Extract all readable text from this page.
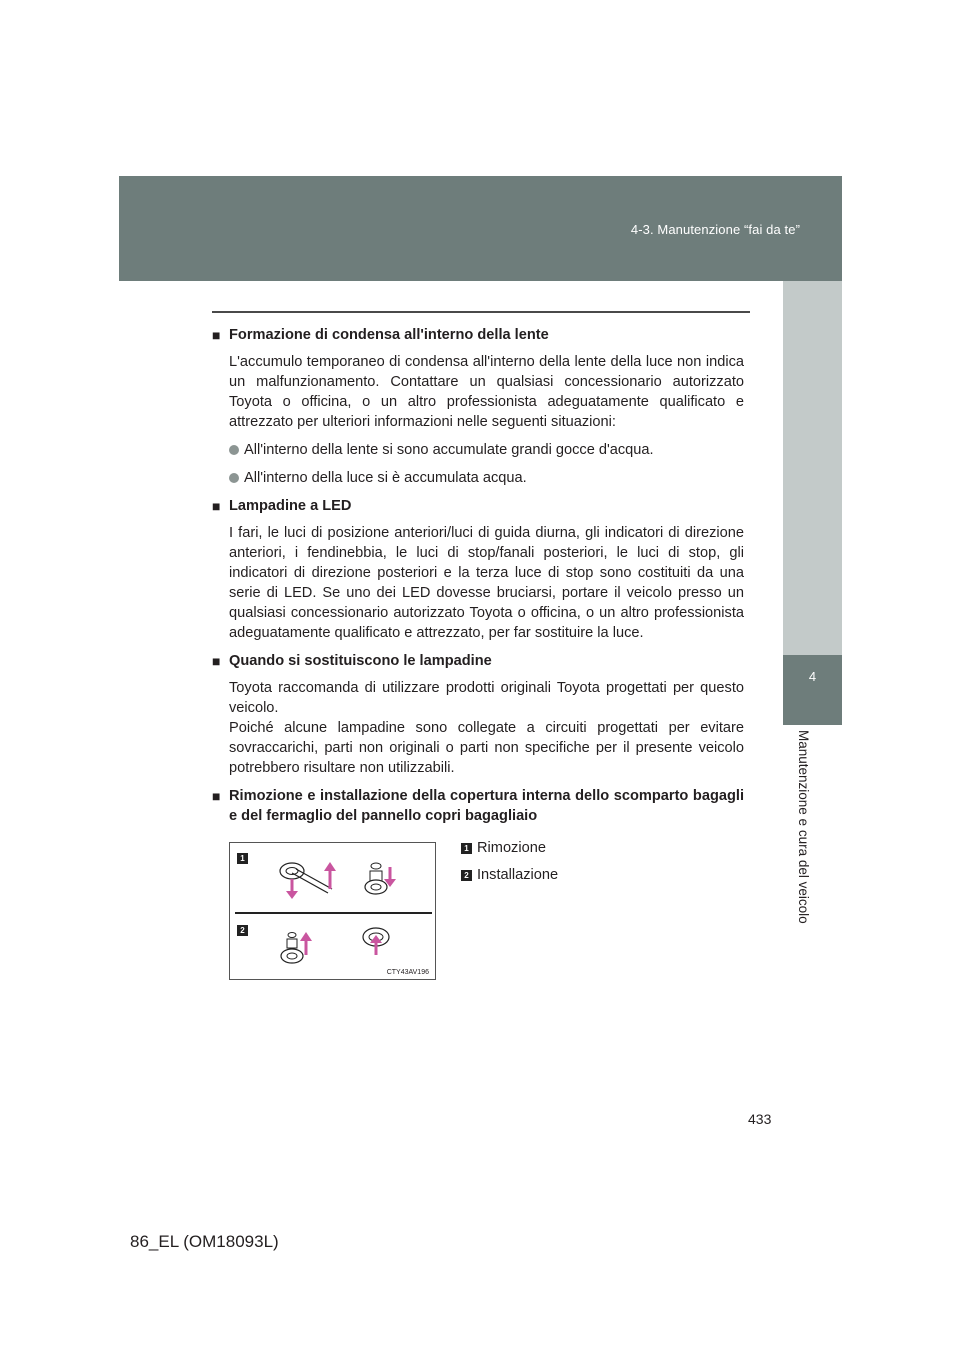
4-3. Manutenzione “fai da te”
4
Manutenzione e cura del veicolo
■ Formazione di condensa all'interno della lente
L'accumulo temporaneo di condensa all'interno della lente della luce non indica un malfunzionamento. Contattare un qualsiasi concessionario autorizzato Toyota o officina, o un altro professionista adeguatamente qualificato e attrezzato per ulteriori informazioni nelle seguenti situazioni:
All'interno della lente si sono accumulate grandi gocce d'acqua.
All'interno della luce si è accumulata acqua.
■ Lampadine a LED
I fari, le luci di posizione anteriori/luci di guida diurna, gli indicatori di direzione anteriori, i fendinebbia, le luci di stop/fanali posteriori, le luci di stop, gli indicatori di direzione posteriori e la terza luce di stop sono costituiti da una serie di LED. Se uno dei LED dovesse bruciarsi, portare il veicolo presso un qualsiasi concessionario autorizzato Toyota o officina, o un altro professionista adeguatamente qualificato e attrezzato, per far sostituire la luce.
■ Quando si sostituiscono le lampadine
Toyota raccomanda di utilizzare prodotti originali Toyota progettati per questo veicolo.
Poiché alcune lampadine sono collegate a circuiti progettati per evitare sovraccarichi, parti non originali o parti non specifiche per il presente veicolo potrebbero risultare non utilizzabili.
■ Rimozione e installazione della copertura interna dello scomparto bagagli e del fermaglio del pannello copri bagagliaio
1
2
CTY43AV196
1 Rimozione
2 Installazione
433
86_EL (OM18093L)
